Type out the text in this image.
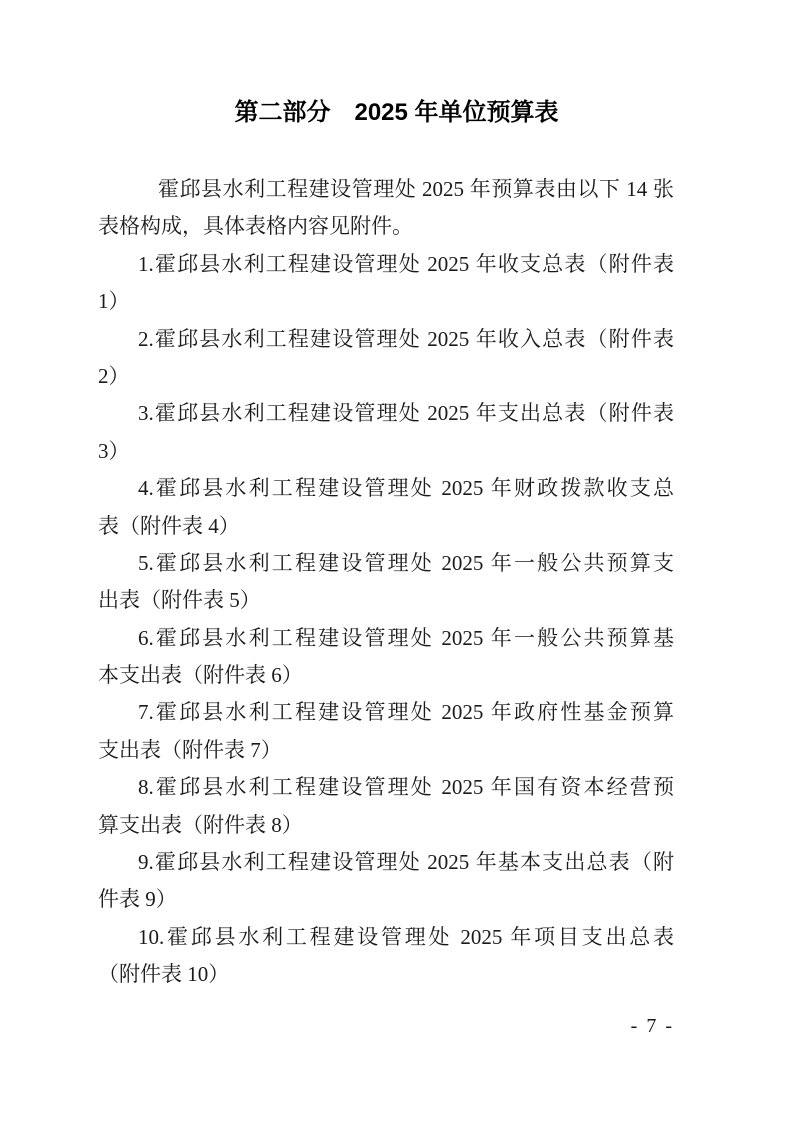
第二部分　2025 年单位预算表
霍邱县水利工程建设管理处 2025 年预算表由以下 14 张
表格构成，具体表格内容见附件。
1.霍邱县水利工程建设管理处 2025 年收支总表（附件表
1）
2.霍邱县水利工程建设管理处 2025 年收入总表（附件表
2）
3.霍邱县水利工程建设管理处 2025 年支出总表（附件表
3）
4.霍邱县水利工程建设管理处 2025 年财政拨款收支总
表（附件表 4）
5.霍邱县水利工程建设管理处 2025 年一般公共预算支
出表（附件表 5）
6.霍邱县水利工程建设管理处 2025 年一般公共预算基
本支出表（附件表 6）
7.霍邱县水利工程建设管理处 2025 年政府性基金预算
支出表（附件表 7）
8.霍邱县水利工程建设管理处 2025 年国有资本经营预
算支出表（附件表 8）
9.霍邱县水利工程建设管理处 2025 年基本支出总表（附
件表 9）
10.霍邱县水利工程建设管理处 2025 年项目支出总表
（附件表 10）
- 7 -
